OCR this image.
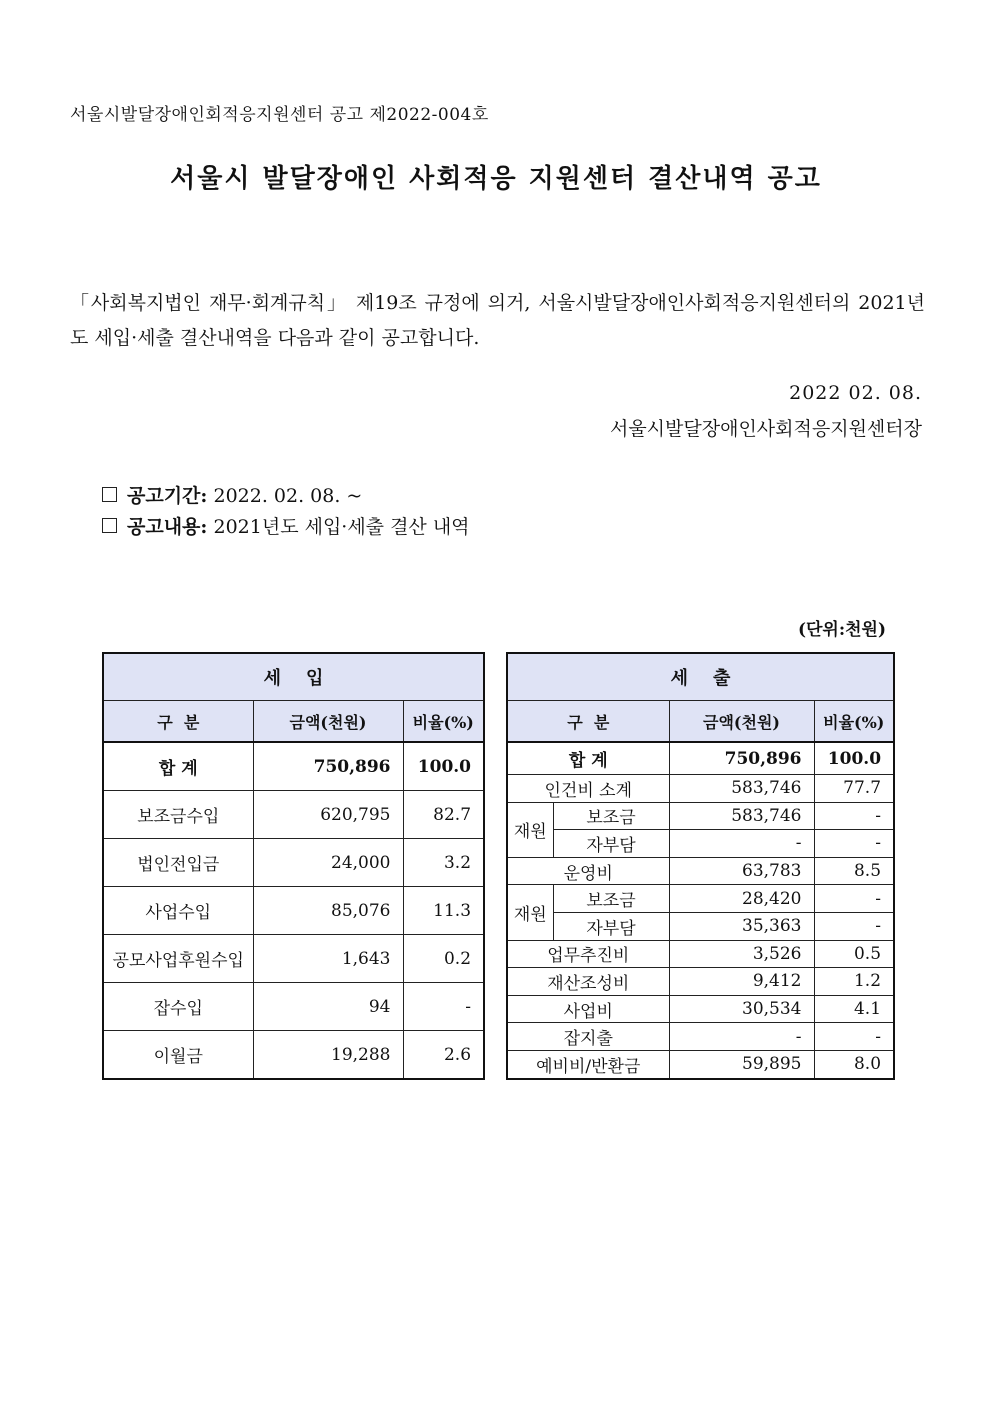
서울시발달장애인회적응지원센터 공고 제2022-004호
서울시 발달장애인 사회적응 지원센터 결산내역 공고
「사회복지법인 재무·회계규칙」 제19조 규정에 의거, 서울시발달장애인사회적응지원센터의 2021년도 세입·세출 결산내역을 다음과 같이 공고합니다.
2022 02. 08.
서울시발달장애인사회적응지원센터장
공고기간: 2022. 02. 08. ~
공고내용: 2021년도 세입·세출 결산 내역
(단위:천원)
세    입		
구  분	금액(천원)	비율(%)
합 계	750,896	100.0
보조금수입	620,795	82.7
법인전입금	24,000	3.2
사업수입	85,076	11.3
공모사업후원수입	1,643	0.2
잡수입	94	-
이월금	19,288	2.6
세    출			
구  분		금액(천원)	비율(%)
합 계		750,896	100.0
인건비 소계		583,746	77.7
재원	보조금	583,746	-
	자부담	-	-
운영비		63,783	8.5
재원	보조금	28,420	-
	자부담	35,363	-
업무추진비		3,526	0.5
재산조성비		9,412	1.2
사업비		30,534	4.1
잡지출		-	-
예비비/반환금		59,895	8.0
